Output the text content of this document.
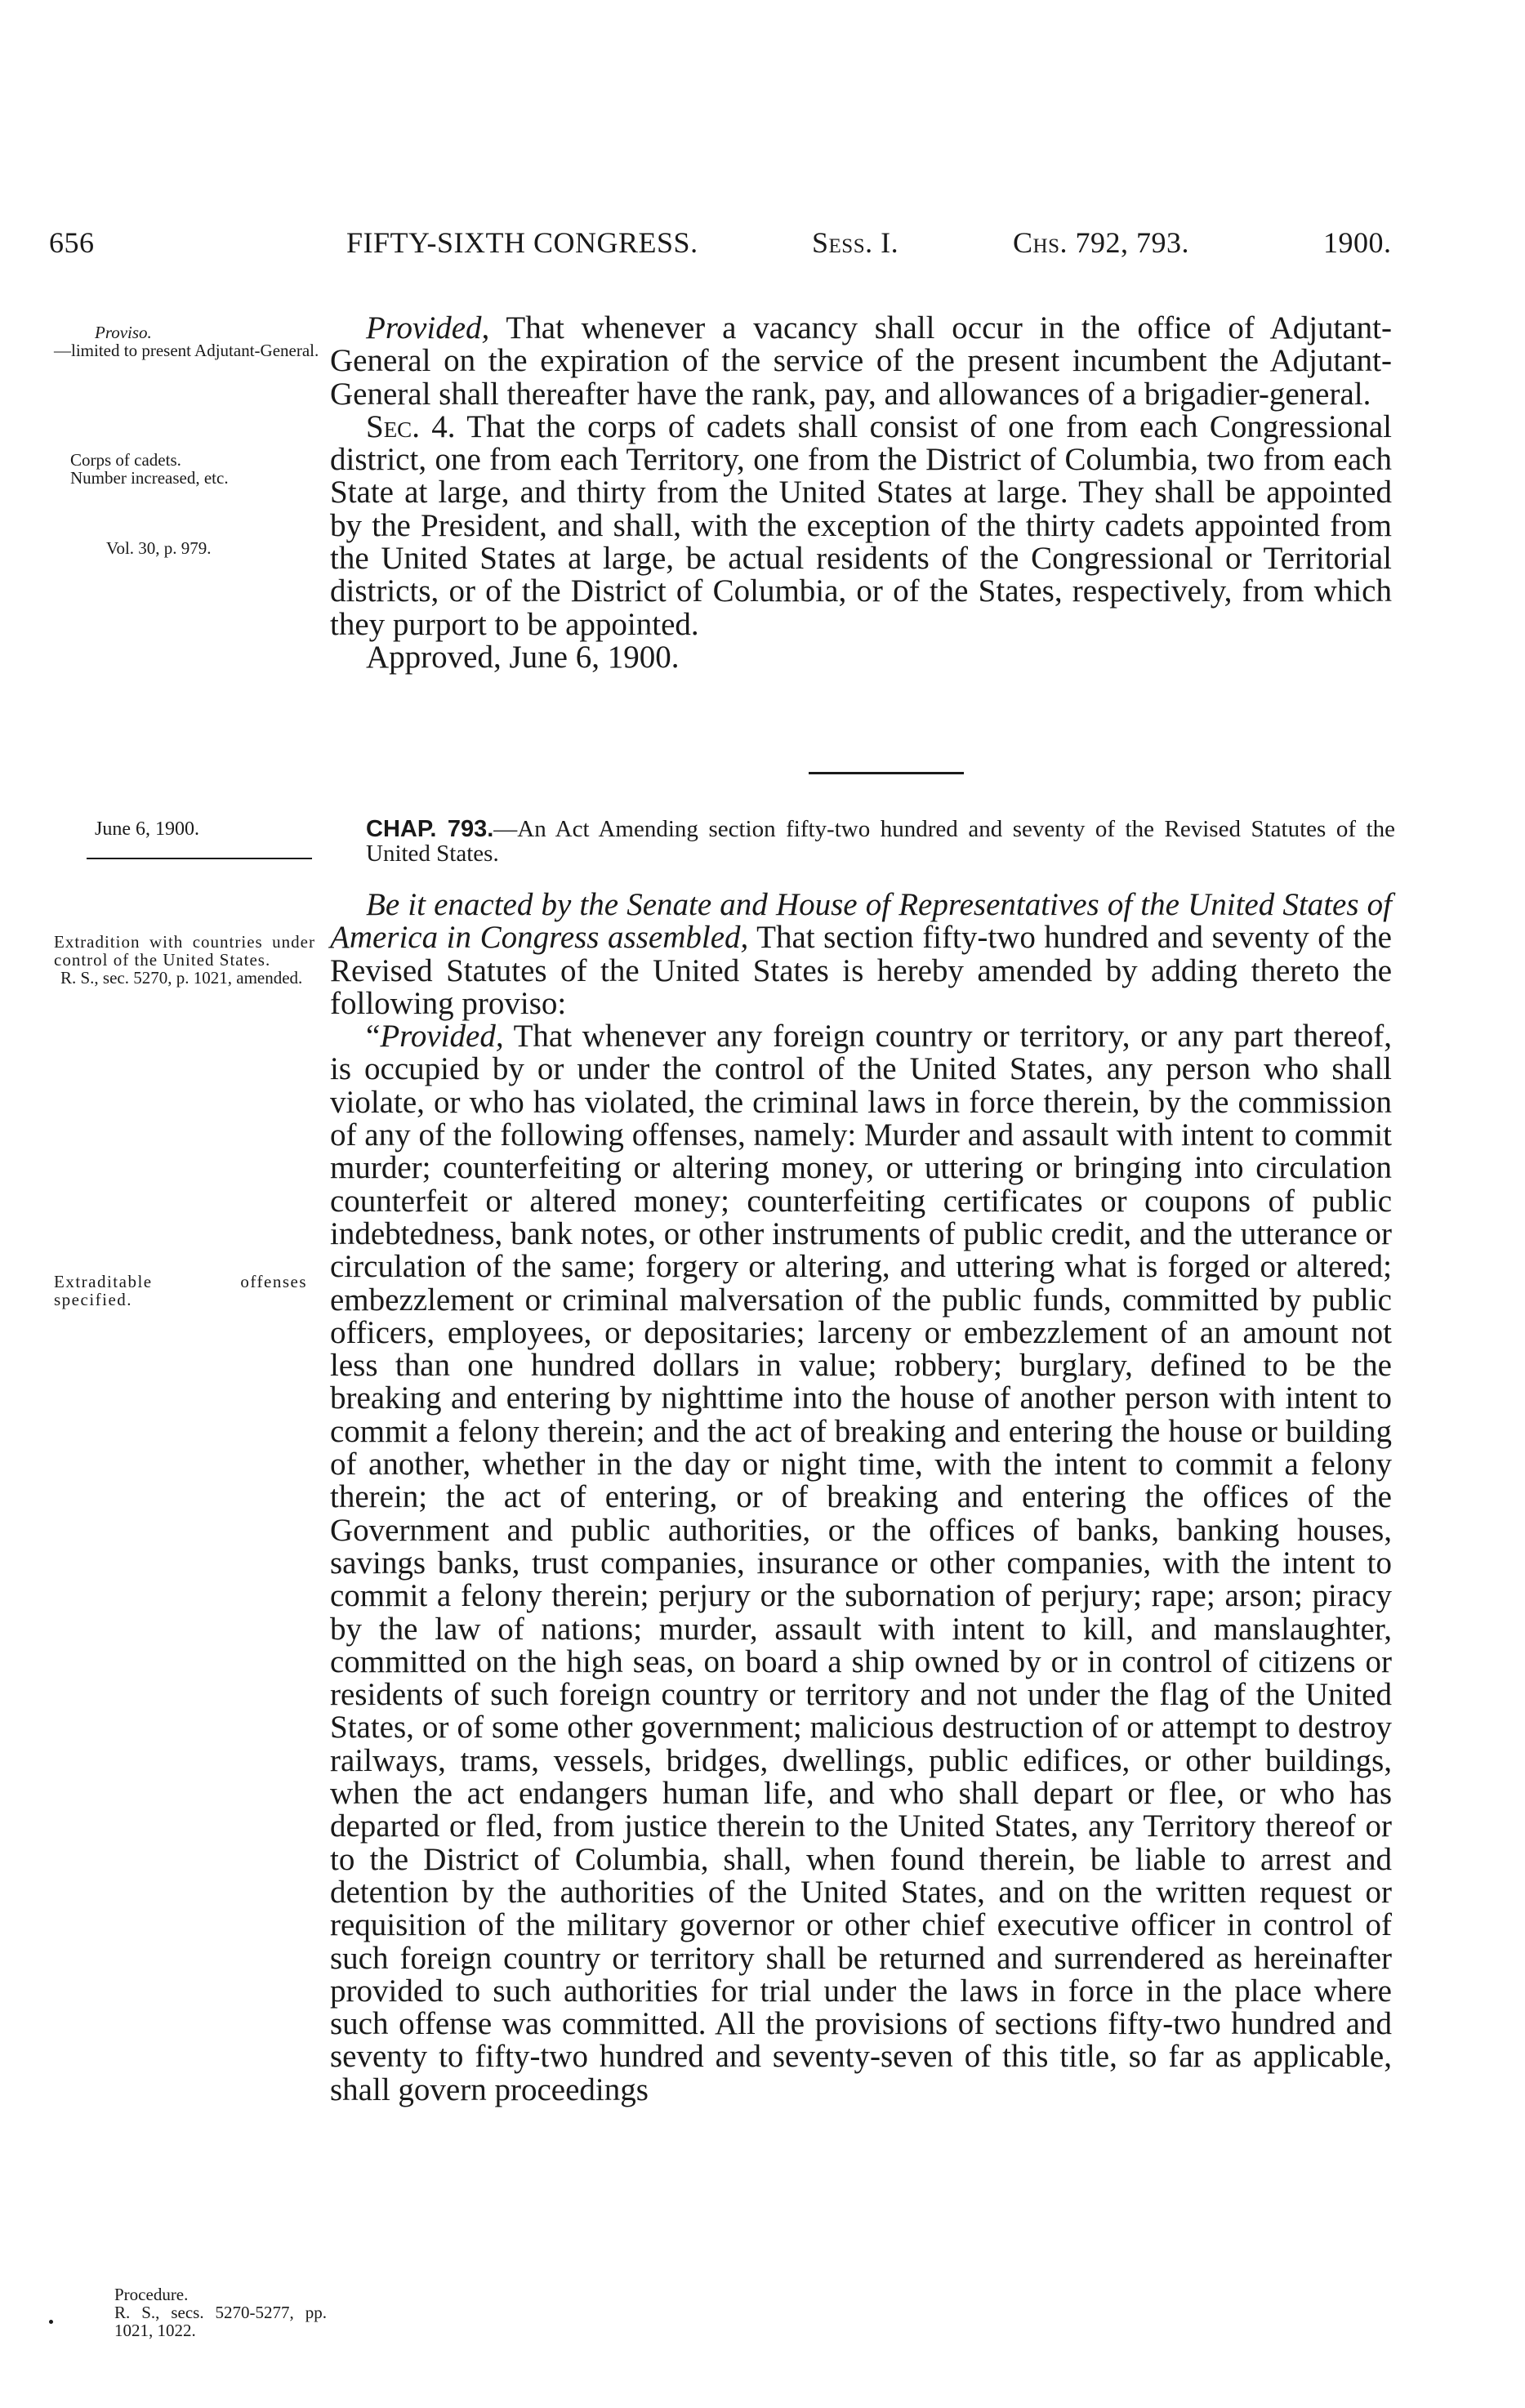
656	FIFTY-SIXTH CONGRESS.	Sess. I.	Chs. 792, 793.	1900.
Proviso.
—limited to present Adjutant-General.
Corps of cadets.
Number increased, etc.
Vol. 30, p. 979.
June 6, 1900.
Extradition with countries under control of the United States.
R. S., sec. 5270, p. 1021, amended.
Extraditable offenses specified.
Procedure.
R. S., secs. 5270-5277, pp. 1021, 1022.

Provided, That whenever a vacancy shall occur in the office of Adjutant-General on the expiration of the service of the present incumbent the Adjutant-General shall thereafter have the rank, pay, and allowances of a brigadier-general.

Sec. 4. That the corps of cadets shall consist of one from each Congressional district, one from each Territory, one from the District of Columbia, two from each State at large, and thirty from the United States at large. They shall be appointed by the President, and shall, with the exception of the thirty cadets appointed from the United States at large, be actual residents of the Congressional or Territorial districts, or of the District of Columbia, or of the States, respectively, from which they purport to be appointed.

Approved, June 6, 1900.

CHAP. 793.—An Act Amending section fifty-two hundred and seventy of the Revised Statutes of the United States.

Be it enacted by the Senate and House of Representatives of the United States of America in Congress assembled, That section fifty-two hundred and seventy of the Revised Statutes of the United States is hereby amended by adding thereto the following proviso:

“Provided, That whenever any foreign country or territory, or any part thereof, is occupied by or under the control of the United States, any person who shall violate, or who has violated, the criminal laws in force therein, by the commission of any of the following offenses, namely: Murder and assault with intent to commit murder; counterfeiting or altering money, or uttering or bringing into circulation counterfeit or altered money; counterfeiting certificates or coupons of public indebtedness, bank notes, or other instruments of public credit, and the utterance or circulation of the same; forgery or altering, and uttering what is forged or altered; embezzlement or criminal malversation of the public funds, committed by public officers, employees, or depositaries; larceny or embezzlement of an amount not less than one hundred dollars in value; robbery; burglary, defined to be the breaking and entering by nighttime into the house of another person with intent to commit a felony therein; and the act of breaking and entering the house or building of another, whether in the day or night time, with the intent to commit a felony therein; the act of entering, or of breaking and entering the offices of the Government and public authorities, or the offices of banks, banking houses, savings banks, trust companies, insurance or other companies, with the intent to commit a felony therein; perjury or the subornation of perjury; rape; arson; piracy by the law of nations; murder, assault with intent to kill, and manslaughter, committed on the high seas, on board a ship owned by or in control of citizens or residents of such foreign country or territory and not under the flag of the United States, or of some other government; malicious destruction of or attempt to destroy railways, trams, vessels, bridges, dwellings, public edifices, or other buildings, when the act endangers human life, and who shall depart or flee, or who has departed or fled, from justice therein to the United States, any Territory thereof or to the District of Columbia, shall, when found therein, be liable to arrest and detention by the authorities of the United States, and on the written request or requisition of the military governor or other chief executive officer in control of such foreign country or territory shall be returned and surrendered as hereinafter provided to such authorities for trial under the laws in force in the place where such offense was committed. All the provisions of sections fifty-two hundred and seventy to fifty-two hundred and seventy-seven of this title, so far as applicable, shall govern proceedings
